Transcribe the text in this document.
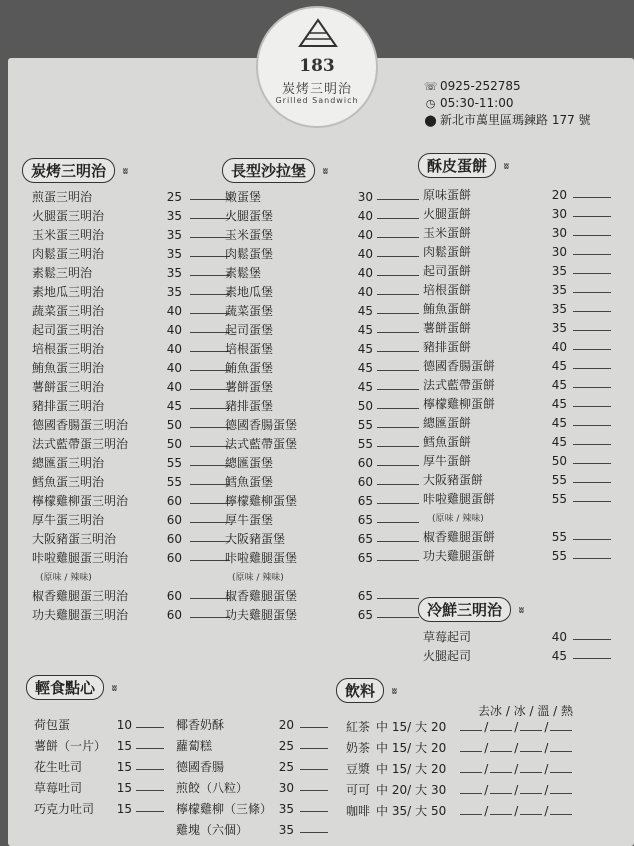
183
炭烤三明治
Grilled Sandwich
☏ 0925-252785
◷ 05:30-11:00
⬤ 新北市萬里區瑪鍊路 177 號
炭烤三明治 ʬ	長型沙拉堡 ʬ	酥皮蛋餅 ʬ
冷鮮三明治 ʬ
輕食點心 ʬ	飲料 ʬ
煎蛋三明治	25
火腿蛋三明治	35
玉米蛋三明治	35
肉鬆蛋三明治	35
素鬆三明治	35
素地瓜三明治	35
蔬菜蛋三明治	40
起司蛋三明治	40
培根蛋三明治	40
鮪魚蛋三明治	40
薯餅蛋三明治	40
豬排蛋三明治	45
德國香腸蛋三明治	50
法式藍帶蛋三明治	50
總匯蛋三明治	55
鱈魚蛋三明治	55
檸檬雞柳蛋三明治	60
厚牛蛋三明治	60
大阪豬蛋三明治	60
咔啦雞腿蛋三明治	60
(原味 / 辣味)
椒香雞腿蛋三明治	60
功夫雞腿蛋三明治	60
嫩蛋堡	30
火腿蛋堡	40
玉米蛋堡	40
肉鬆蛋堡	40
素鬆堡	40
素地瓜堡	40
蔬菜蛋堡	45
起司蛋堡	45
培根蛋堡	45
鮪魚蛋堡	45
薯餅蛋堡	45
豬排蛋堡	50
德國香腸蛋堡	55
法式藍帶蛋堡	55
總匯蛋堡	60
鱈魚蛋堡	60
檸檬雞柳蛋堡	65
厚牛蛋堡	65
大阪豬蛋堡	65
咔啦雞腿蛋堡	65
(原味 / 辣味)
椒香雞腿蛋堡	65
功夫雞腿蛋堡	65
原味蛋餅	20
火腿蛋餅	30
玉米蛋餅	30
肉鬆蛋餅	30
起司蛋餅	35
培根蛋餅	35
鮪魚蛋餅	35
薯餅蛋餅	35
豬排蛋餅	40
德國香腸蛋餅	45
法式藍帶蛋餅	45
檸檬雞柳蛋餅	45
總匯蛋餅	45
鱈魚蛋餅	45
厚牛蛋餅	50
大阪豬蛋餅	55
咔啦雞腿蛋餅	55
(原味 / 辣味)
椒香雞腿蛋餅	55
功夫雞腿蛋餅	55
草莓起司	40
火腿起司	45
荷包蛋	10
薯餅（一片） 15
花生吐司	15
草莓吐司	15
巧克力吐司	15
椰香奶酥	20
蘿蔔糕	25
德國香腸	25
煎餃（八粒）	30
檸檬雞柳（三條） 35
雞塊（六個）	35
紅茶 中 15/ 大 20	/ / /
奶茶 中 15/ 大 20	/ / /
豆漿 中 15/ 大 20	/ / /
可可 中 20/ 大 30	/ / /
咖啡 中 35/ 大 50	/ / /
去冰 / 冰 / 溫 / 熱
